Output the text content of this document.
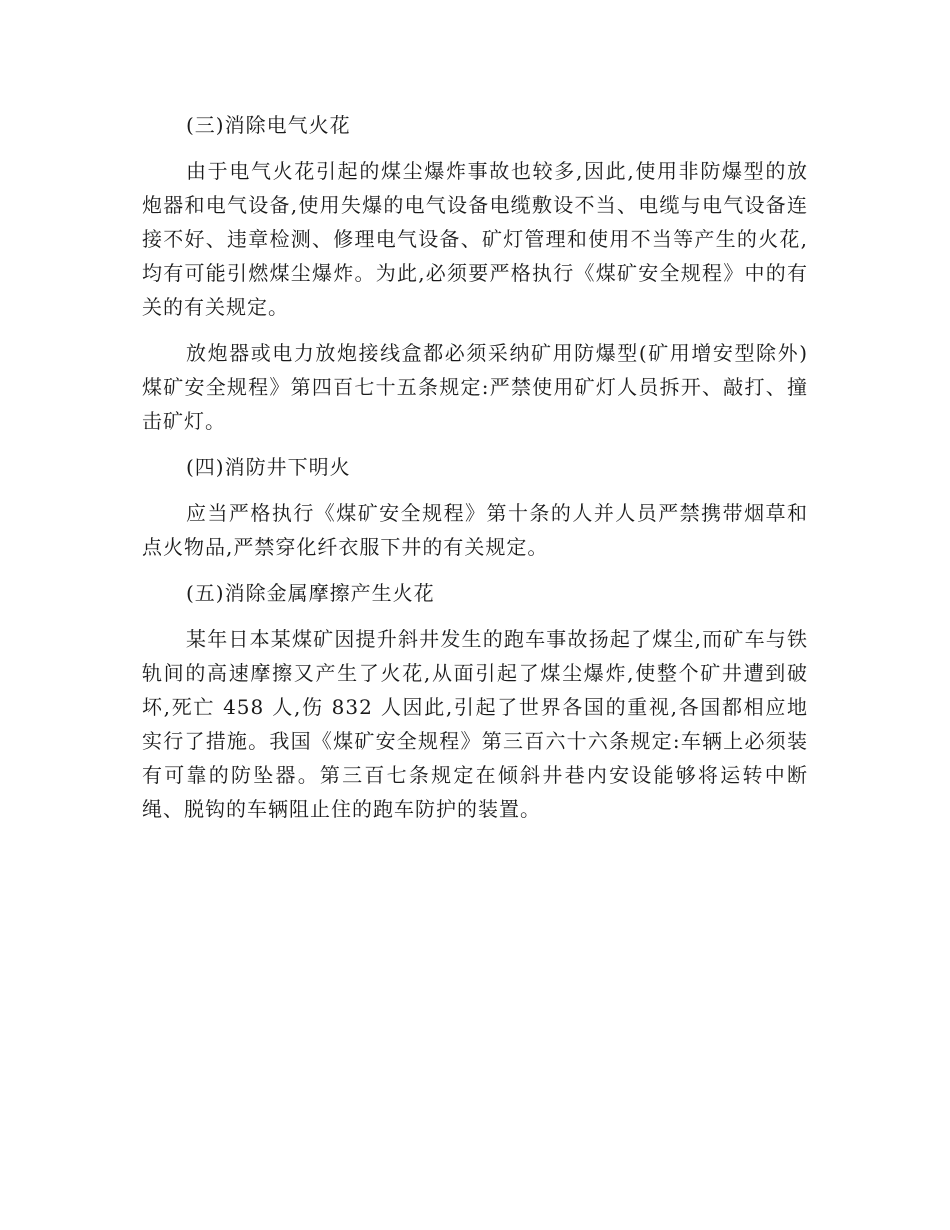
(三)消除电气火花

由于电气火花引起的煤尘爆炸事故也较多,因此,使用非防爆型的放炮器和电气设备,使用失爆的电气设备电缆敷设不当、电缆与电气设备连接不好、违章检测、修理电气设备、矿灯管理和使用不当等产生的火花,均有可能引燃煤尘爆炸。为此,必须要严格执行《煤矿安全规程》中的有关的有关规定。

放炮器或电力放炮接线盒都必须采纳矿用防爆型(矿用增安型除外)煤矿安全规程》第四百七十五条规定:严禁使用矿灯人员拆开、敲打、撞击矿灯。

(四)消防井下明火

应当严格执行《煤矿安全规程》第十条的人并人员严禁携带烟草和点火物品,严禁穿化纤衣服下井的有关规定。

(五)消除金属摩擦产生火花

某年日本某煤矿因提升斜井发生的跑车事故扬起了煤尘,而矿车与铁轨间的高速摩擦又产生了火花,从面引起了煤尘爆炸,使整个矿井遭到破坏,死亡 458 人,伤 832 人因此,引起了世界各国的重视,各国都相应地实行了措施。我国《煤矿安全规程》第三百六十六条规定:车辆上必须装有可靠的防坠器。第三百七条规定在倾斜井巷内安设能够将运转中断绳、脱钩的车辆阻止住的跑车防护的装置。
